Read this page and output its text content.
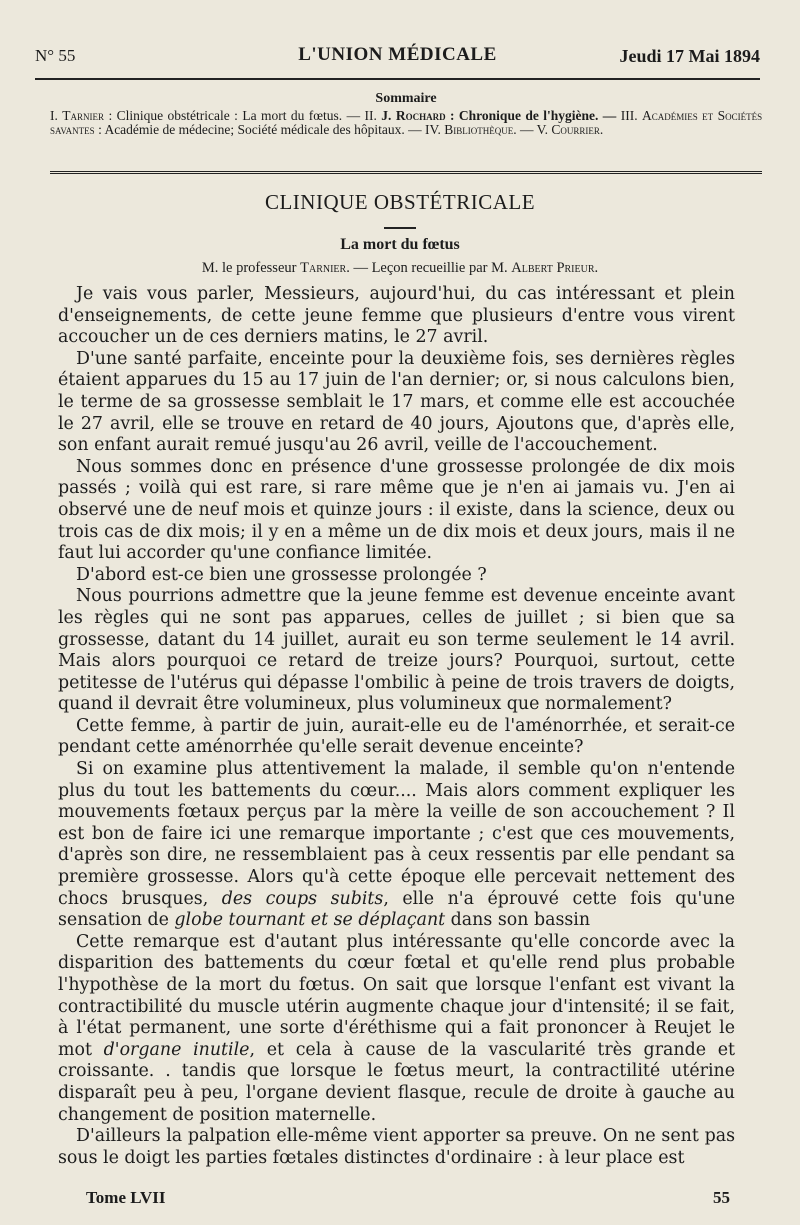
N° 55	L'UNION MÉDICALE	Jeudi 17 Mai 1894
Sommaire
I. Tarnier : Clinique obstétricale : La mort du fœtus. — II. J. Rochard : Chronique de l'hygiène. — III. Académies et Sociétés savantes : Académie de médecine; Société médicale des hôpitaux. — IV. Bibliothèque. — V. Courrier.
CLINIQUE OBSTÉTRICALE
La mort du fœtus
M. le professeur Tarnier. — Leçon recueillie par M. Albert Prieur.

Je vais vous parler, Messieurs, aujourd'hui, du cas intéressant et plein d'enseignements, de cette jeune femme que plusieurs d'entre vous virent accoucher un de ces derniers matins, le 27 avril.

D'une santé parfaite, enceinte pour la deuxième fois, ses dernières règles étaient apparues du 15 au 17 juin de l'an dernier; or, si nous calculons bien, le terme de sa grossesse semblait le 17 mars, et comme elle est accouchée le 27 avril, elle se trouve en retard de 40 jours, Ajoutons que, d'après elle, son enfant aurait remué jusqu'au 26 avril, veille de l'accouchement.

Nous sommes donc en présence d'une grossesse prolongée de dix mois passés ; voilà qui est rare, si rare même que je n'en ai jamais vu. J'en ai observé une de neuf mois et quinze jours : il existe, dans la science, deux ou trois cas de dix mois; il y en a même un de dix mois et deux jours, mais il ne faut lui accorder qu'une confiance limitée.

D'abord est-ce bien une grossesse prolongée ?

Nous pourrions admettre que la jeune femme est devenue enceinte avant les règles qui ne sont pas apparues, celles de juillet ; si bien que sa grossesse, datant du 14 juillet, aurait eu son terme seulement le 14 avril. Mais alors pourquoi ce retard de treize jours? Pourquoi, surtout, cette petitesse de l'utérus qui dépasse l'ombilic à peine de trois travers de doigts, quand il devrait être volumineux, plus volumineux que normalement?

Cette femme, à partir de juin, aurait-elle eu de l'aménorrhée, et serait-ce pendant cette aménorrhée qu'elle serait devenue enceinte?

Si on examine plus attentivement la malade, il semble qu'on n'entende plus du tout les battements du cœur.... Mais alors comment expliquer les mouvements fœtaux perçus par la mère la veille de son accouchement ? Il est bon de faire ici une remarque importante ; c'est que ces mouvements, d'après son dire, ne ressemblaient pas à ceux ressentis par elle pendant sa première grossesse. Alors qu'à cette époque elle percevait nettement des chocs brusques, des coups subits, elle n'a éprouvé cette fois qu'une sensation de globe tournant et se déplaçant dans son bassin

Cette remarque est d'autant plus intéressante qu'elle concorde avec la disparition des battements du cœur fœtal et qu'elle rend plus probable l'hypothèse de la mort du fœtus. On sait que lorsque l'enfant est vivant la contractibilité du muscle utérin augmente chaque jour d'intensité; il se fait, à l'état permanent, une sorte d'éréthisme qui a fait prononcer à Reujet le mot d'organe inutile, et cela à cause de la vascularité très grande et croissante. . tandis que lorsque le fœtus meurt, la contractilité utérine disparaît peu à peu, l'organe devient flasque, recule de droite à gauche au changement de position maternelle.

D'ailleurs la palpation elle-même vient apporter sa preuve. On ne sent pas sous le doigt les parties fœtales distinctes d'ordinaire : à leur place est

Tome LVII	55
